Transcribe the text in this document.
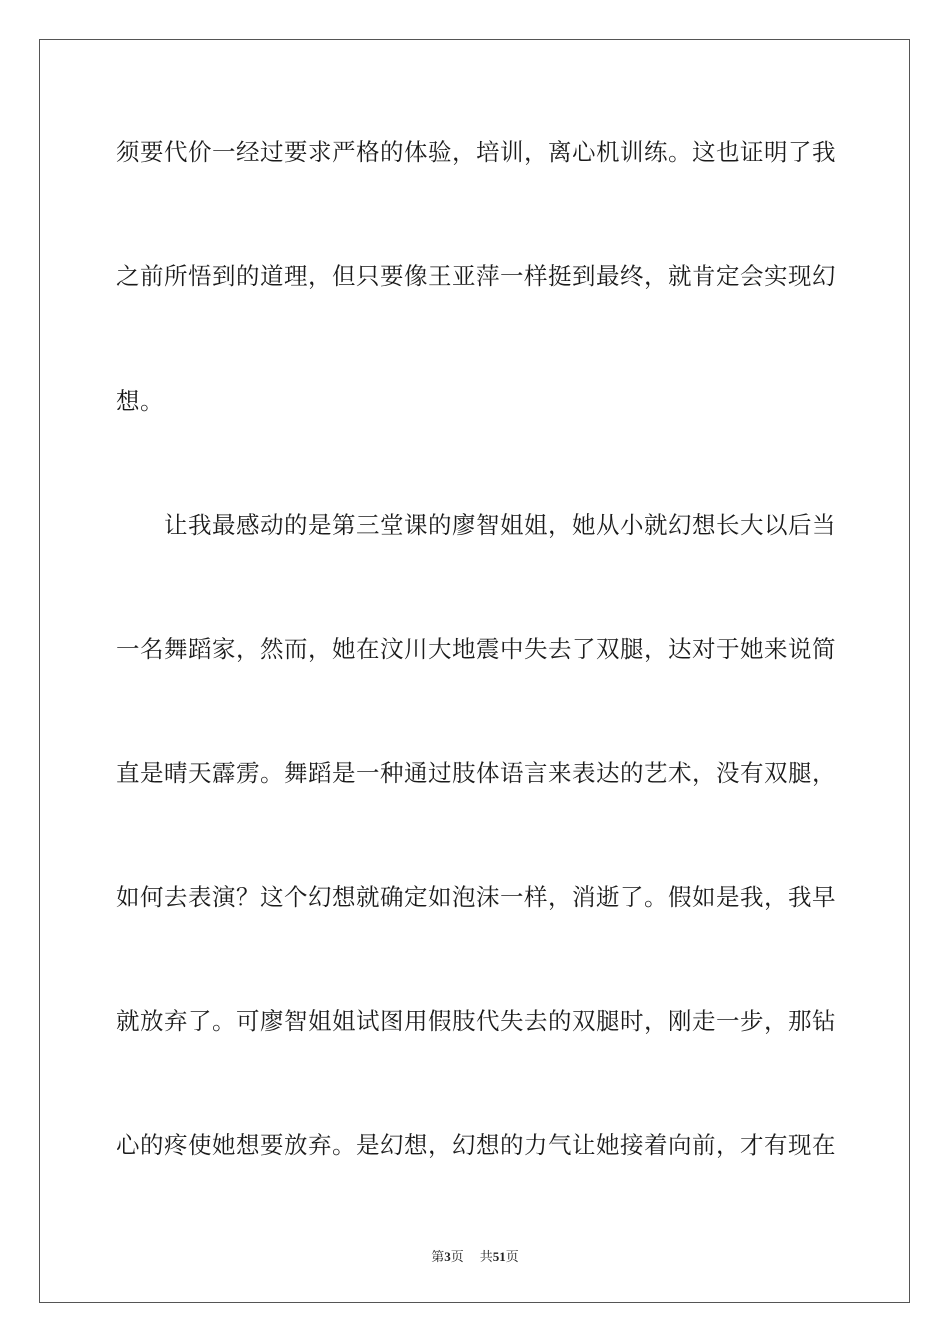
须要代价一经过要求严格的体验，培训，离心机训练。这也证明了我
之前所悟到的道理，但只要像王亚萍一样挺到最终，就肯定会实现幻
想。
让我最感动的是第三堂课的廖智姐姐，她从小就幻想长大以后当
一名舞蹈家，然而，她在汶川大地震中失去了双腿，达对于她来说简
直是晴天霹雳。舞蹈是一种通过肢体语言来表达的艺术，没有双腿，
如何去表演？这个幻想就确定如泡沫一样，消逝了。假如是我，我早
就放弃了。可廖智姐姐试图用假肢代失去的双腿时，刚走一步，那钻
心的疼使她想要放弃。是幻想，幻想的力气让她接着向前，才有现在
第3页 共51页
